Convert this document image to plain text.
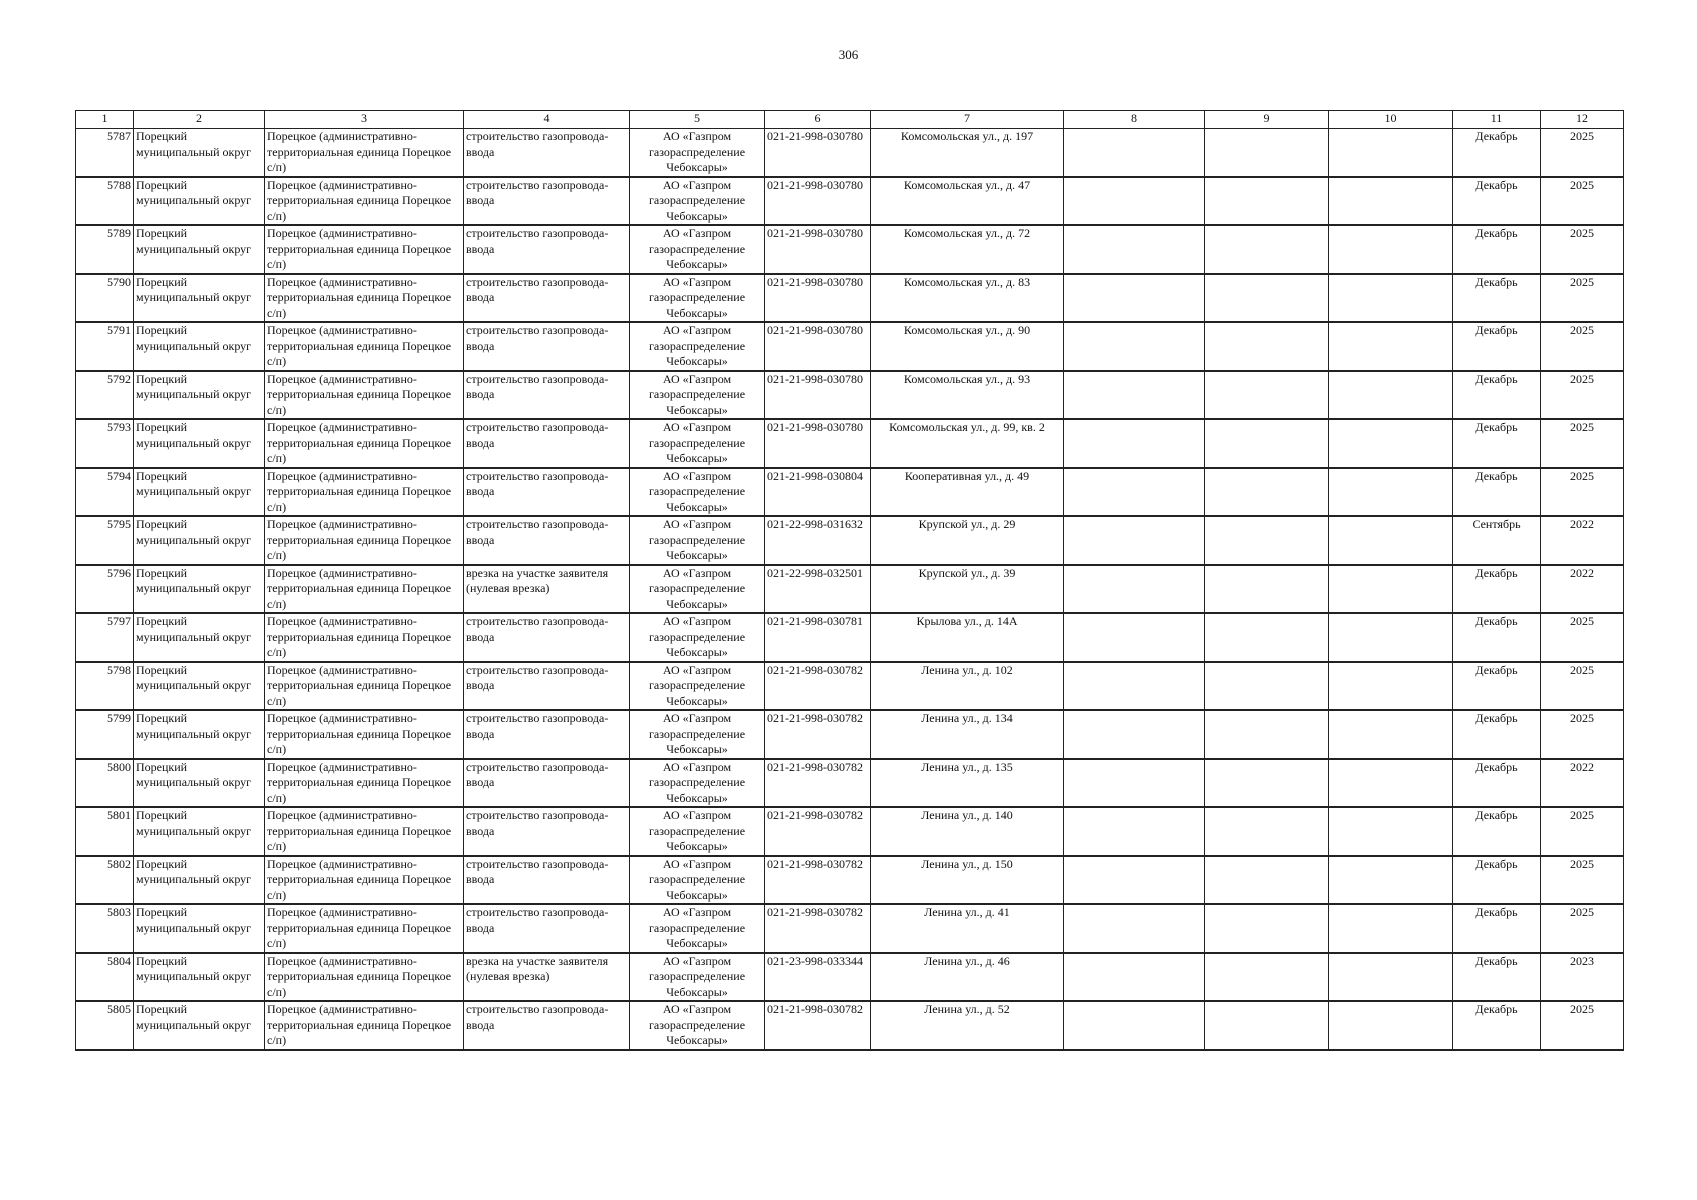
306
1	2	3	4	5	6	7	8	9	10	11	12
5787	Порецкий муниципальный округ	Порецкое (административно-территориальная единица Порецкое с/п)	строительство газопровода-ввода	АО «Газпром газораспределение Чебоксары»	021-21-998-030780	Комсомольская ул., д. 197				Декабрь	2025
5788	Порецкий муниципальный округ	Порецкое (административно-территориальная единица Порецкое с/п)	строительство газопровода-ввода	АО «Газпром газораспределение Чебоксары»	021-21-998-030780	Комсомольская ул., д. 47				Декабрь	2025
5789	Порецкий муниципальный округ	Порецкое (административно-территориальная единица Порецкое с/п)	строительство газопровода-ввода	АО «Газпром газораспределение Чебоксары»	021-21-998-030780	Комсомольская ул., д. 72				Декабрь	2025
5790	Порецкий муниципальный округ	Порецкое (административно-территориальная единица Порецкое с/п)	строительство газопровода-ввода	АО «Газпром газораспределение Чебоксары»	021-21-998-030780	Комсомольская ул., д. 83				Декабрь	2025
5791	Порецкий муниципальный округ	Порецкое (административно-территориальная единица Порецкое с/п)	строительство газопровода-ввода	АО «Газпром газораспределение Чебоксары»	021-21-998-030780	Комсомольская ул., д. 90				Декабрь	2025
5792	Порецкий муниципальный округ	Порецкое (административно-территориальная единица Порецкое с/п)	строительство газопровода-ввода	АО «Газпром газораспределение Чебоксары»	021-21-998-030780	Комсомольская ул., д. 93				Декабрь	2025
5793	Порецкий муниципальный округ	Порецкое (административно-территориальная единица Порецкое с/п)	строительство газопровода-ввода	АО «Газпром газораспределение Чебоксары»	021-21-998-030780	Комсомольская ул., д. 99, кв. 2				Декабрь	2025
5794	Порецкий муниципальный округ	Порецкое (административно-территориальная единица Порецкое с/п)	строительство газопровода-ввода	АО «Газпром газораспределение Чебоксары»	021-21-998-030804	Кооперативная ул., д. 49				Декабрь	2025
5795	Порецкий муниципальный округ	Порецкое (административно-территориальная единица Порецкое с/п)	строительство газопровода-ввода	АО «Газпром газораспределение Чебоксары»	021-22-998-031632	Крупской ул., д. 29				Сентябрь	2022
5796	Порецкий муниципальный округ	Порецкое (административно-территориальная единица Порецкое с/п)	врезка на участке заявителя (нулевая врезка)	АО «Газпром газораспределение Чебоксары»	021-22-998-032501	Крупской ул., д. 39				Декабрь	2022
5797	Порецкий муниципальный округ	Порецкое (административно-территориальная единица Порецкое с/п)	строительство газопровода-ввода	АО «Газпром газораспределение Чебоксары»	021-21-998-030781	Крылова ул., д. 14А				Декабрь	2025
5798	Порецкий муниципальный округ	Порецкое (административно-территориальная единица Порецкое с/п)	строительство газопровода-ввода	АО «Газпром газораспределение Чебоксары»	021-21-998-030782	Ленина ул., д. 102				Декабрь	2025
5799	Порецкий муниципальный округ	Порецкое (административно-территориальная единица Порецкое с/п)	строительство газопровода-ввода	АО «Газпром газораспределение Чебоксары»	021-21-998-030782	Ленина ул., д. 134				Декабрь	2025
5800	Порецкий муниципальный округ	Порецкое (административно-территориальная единица Порецкое с/п)	строительство газопровода-ввода	АО «Газпром газораспределение Чебоксары»	021-21-998-030782	Ленина ул., д. 135				Декабрь	2022
5801	Порецкий муниципальный округ	Порецкое (административно-территориальная единица Порецкое с/п)	строительство газопровода-ввода	АО «Газпром газораспределение Чебоксары»	021-21-998-030782	Ленина ул., д. 140				Декабрь	2025
5802	Порецкий муниципальный округ	Порецкое (административно-территориальная единица Порецкое с/п)	строительство газопровода-ввода	АО «Газпром газораспределение Чебоксары»	021-21-998-030782	Ленина ул., д. 150				Декабрь	2025
5803	Порецкий муниципальный округ	Порецкое (административно-территориальная единица Порецкое с/п)	строительство газопровода-ввода	АО «Газпром газораспределение Чебоксары»	021-21-998-030782	Ленина ул., д. 41				Декабрь	2025
5804	Порецкий муниципальный округ	Порецкое (административно-территориальная единица Порецкое с/п)	врезка на участке заявителя (нулевая врезка)	АО «Газпром газораспределение Чебоксары»	021-23-998-033344	Ленина ул., д. 46				Декабрь	2023
5805	Порецкий муниципальный округ	Порецкое (административно-территориальная единица Порецкое с/п)	строительство газопровода-ввода	АО «Газпром газораспределение Чебоксары»	021-21-998-030782	Ленина ул., д. 52				Декабрь	2025
